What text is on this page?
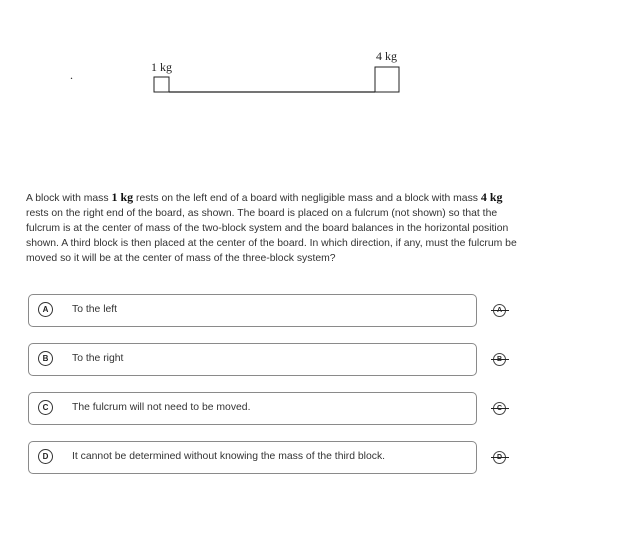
.
1 kg
4 kg
A block with mass 1 kg rests on the left end of a board with negligible mass and a block with mass 4 kg rests on the right end of the board, as shown. The board is placed on a fulcrum (not shown) so that the fulcrum is at the center of mass of the two-block system and the board balances in the horizontal position shown. A third block is then placed at the center of the board. In which direction, if any, must the fulcrum be moved so it will be at the center of mass of the three-block system?
A	To the left
B	To the right
C	The fulcrum will not need to be moved.
D	It cannot be determined without knowing the mass of the third block.
